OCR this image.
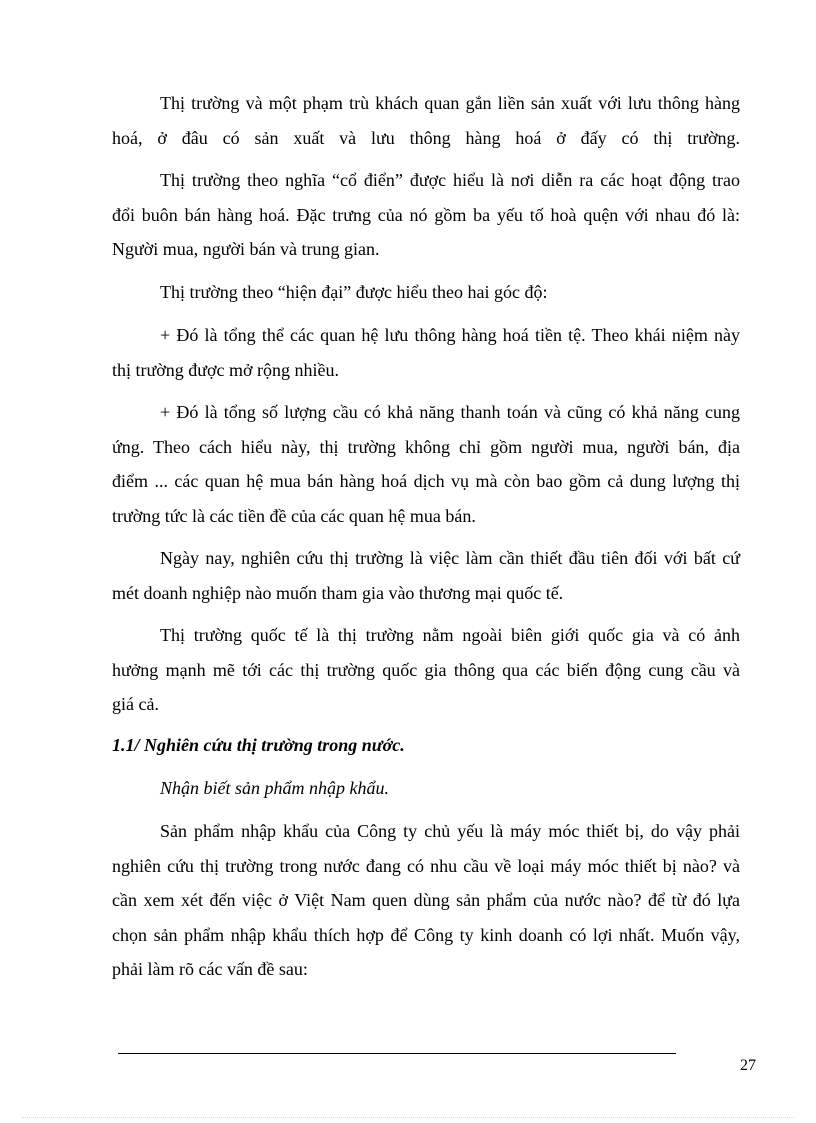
Thị trường và một phạm trù khách quan gắn liền sản xuất với lưu thông hàng
hoá, ở đâu có sản xuất và lưu thông hàng hoá ở đấy có thị trường.
Thị trường theo nghĩa “cổ điển” được hiểu là nơi diễn ra các hoạt động trao
đổi buôn bán hàng hoá. Đặc trưng của nó gồm ba yếu tố hoà quện với nhau đó là:
Người mua, người bán và trung gian.
Thị trường theo “hiện đại” được hiểu theo hai góc độ:
+ Đó là tổng thể các quan hệ lưu thông hàng hoá tiền tệ. Theo khái niệm này
thị trường được mở rộng nhiều.
+ Đó là tổng số lượng cầu có khả năng thanh toán và cũng có khả năng cung
ứng. Theo cách hiểu này, thị trường không chỉ gồm người mua, người bán, địa
điểm ... các quan hệ mua bán hàng hoá dịch vụ mà còn bao gồm cả dung lượng thị
trường tức là các tiền đề của các quan hệ mua bán.
Ngày nay, nghiên cứu thị trường là việc làm cần thiết đầu tiên đối với bất cứ
mét doanh nghiệp nào muốn tham gia vào thương mại quốc tế.
Thị trường quốc tế là thị trường nằm ngoài biên giới quốc gia và có ảnh
hưởng mạnh mẽ tới các thị trường quốc gia thông qua các biến động cung cầu và
giá cả.
1.1/ Nghiên cứu thị trường trong nước.

Nhận biết sản phẩm nhập khẩu.

Sản phẩm nhập khẩu của Công ty chủ yếu là máy móc thiết bị, do vậy phải
nghiên cứu thị trường trong nước đang có nhu cầu về loại máy móc thiết bị nào? và
cần xem xét đến việc ở Việt Nam quen dùng sản phẩm của nước nào? để từ đó lựa
chọn sản phẩm nhập khẩu thích hợp để Công ty kinh doanh có lợi nhất. Muốn vậy,
phải làm rõ các vấn đề sau:
27
